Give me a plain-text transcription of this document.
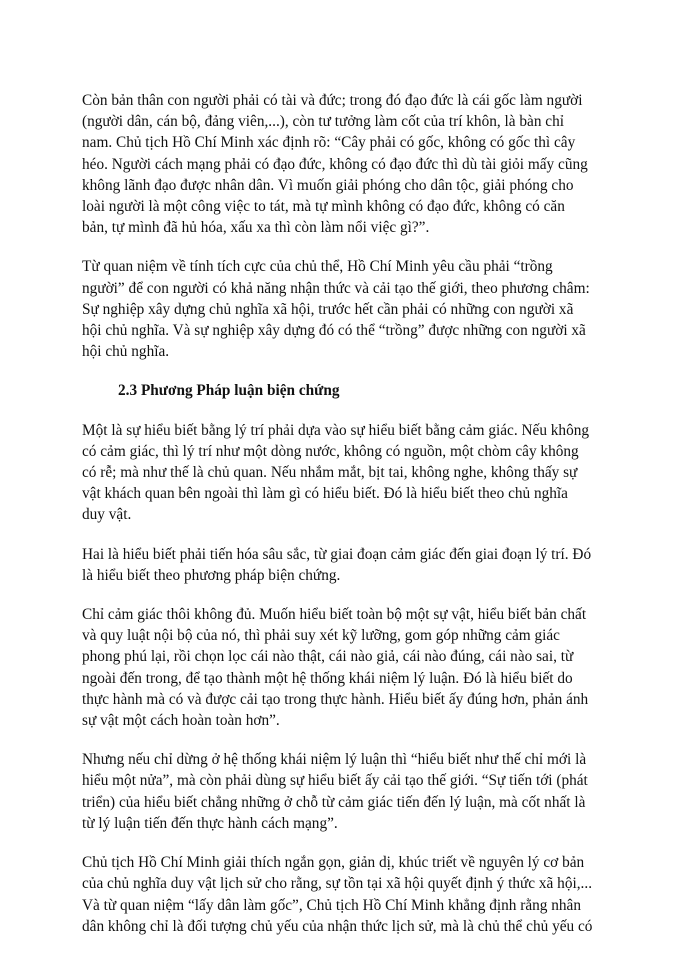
Còn bản thân con người phải có tài và đức; trong đó đạo đức là cái gốc làm người
(người dân, cán bộ, đảng viên,...), còn tư tưởng làm cốt của trí khôn, là bàn chỉ
nam. Chủ tịch Hồ Chí Minh xác định rõ: “Cây phải có gốc, không có gốc thì cây
héo. Người cách mạng phải có đạo đức, không có đạo đức thì dù tài giỏi mấy cũng
không lãnh đạo được nhân dân. Vì muốn giải phóng cho dân tộc, giải phóng cho
loài người là một công việc to tát, mà tự mình không có đạo đức, không có căn
bản, tự mình đã hủ hóa, xấu xa thì còn làm nổi việc gì?”.

Từ quan niệm về tính tích cực của chủ thể, Hồ Chí Minh yêu cầu phải “trồng
người” để con người có khả năng nhận thức và cải tạo thế giới, theo phương châm:
Sự nghiệp xây dựng chủ nghĩa xã hội, trước hết cần phải có những con người xã
hội chủ nghĩa. Và sự nghiệp xây dựng đó có thể “trồng” được những con người xã
hội chủ nghĩa.

2.3 Phương Pháp luận biện chứng

Một là sự hiểu biết bằng lý trí phải dựa vào sự hiểu biết bằng cảm giác. Nếu không
có cảm giác, thì lý trí như một dòng nước, không có nguồn, một chòm cây không
có rễ; mà như thế là chủ quan. Nếu nhắm mắt, bịt tai, không nghe, không thấy sự
vật khách quan bên ngoài thì làm gì có hiểu biết. Đó là hiểu biết theo chủ nghĩa
duy vật.

Hai là hiểu biết phải tiến hóa sâu sắc, từ giai đoạn cảm giác đến giai đoạn lý trí. Đó
là hiểu biết theo phương pháp biện chứng.

Chỉ cảm giác thôi không đủ. Muốn hiểu biết toàn bộ một sự vật, hiểu biết bản chất
và quy luật nội bộ của nó, thì phải suy xét kỹ lưỡng, gom góp những cảm giác
phong phú lại, rồi chọn lọc cái nào thật, cái nào giả, cái nào đúng, cái nào sai, từ
ngoài đến trong, để tạo thành một hệ thống khái niệm lý luận. Đó là hiểu biết do
thực hành mà có và được cải tạo trong thực hành. Hiểu biết ấy đúng hơn, phản ánh
sự vật một cách hoàn toàn hơn”.

Nhưng nếu chỉ dừng ở hệ thống khái niệm lý luận thì “hiểu biết như thế chỉ mới là
hiểu một nửa”, mà còn phải dùng sự hiểu biết ấy cải tạo thế giới. “Sự tiến tới (phát
triển) của hiểu biết chẳng những ở chỗ từ cảm giác tiến đến lý luận, mà cốt nhất là
từ lý luận tiến đến thực hành cách mạng”.

Chủ tịch Hồ Chí Minh giải thích ngắn gọn, giản dị, khúc triết về nguyên lý cơ bản
của chủ nghĩa duy vật lịch sử cho rằng, sự tồn tại xã hội quyết định ý thức xã hội,...
Và từ quan niệm “lấy dân làm gốc”, Chủ tịch Hồ Chí Minh khẳng định rằng nhân
dân không chỉ là đối tượng chủ yếu của nhận thức lịch sử, mà là chủ thể chủ yếu có
